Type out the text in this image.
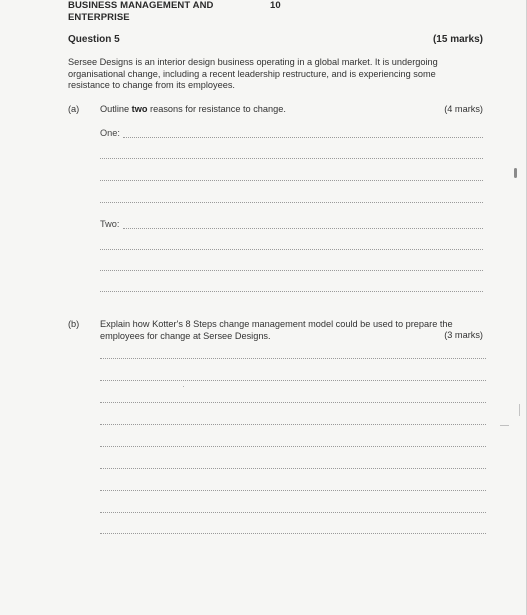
BUSINESS MANAGEMENT AND
ENTERPRISE
10
Question 5	(15 marks)
Sersee Designs is an interior design business operating in a global market. It is undergoing
organisational change, including a recent leadership restructure, and is experiencing some
resistance to change from its employees.
(a) Outline two reasons for resistance to change.	(4 marks)
One:
Two:
(b) Explain how Kotter's 8 Steps change management model could be used to prepare the
employees for change at Sersee Designs.	(3 marks)
